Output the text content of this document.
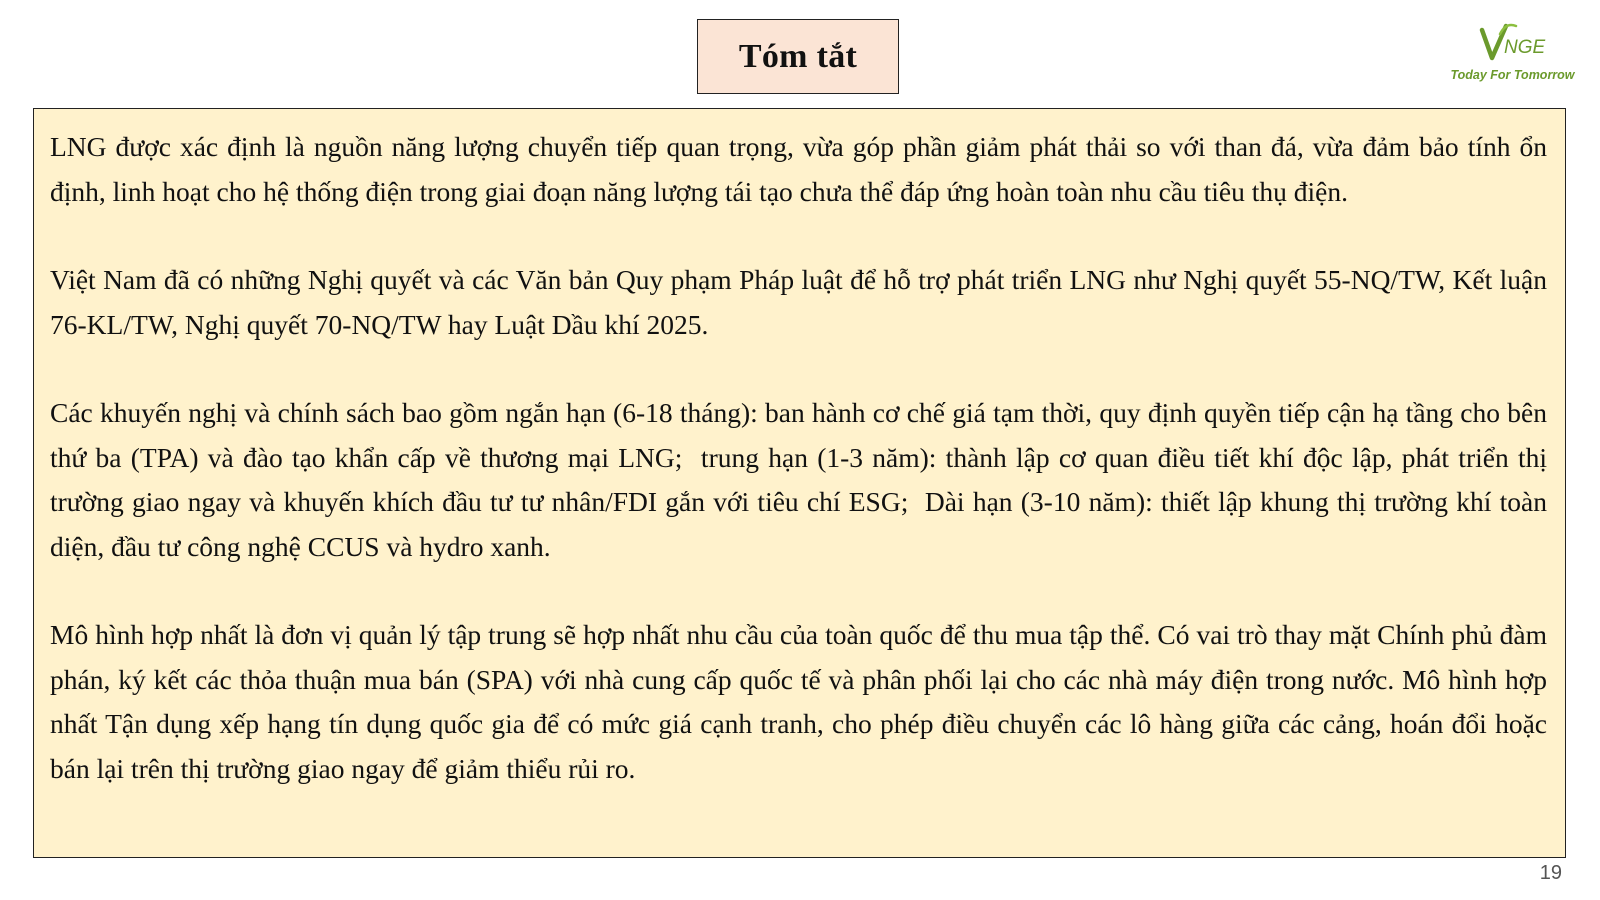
Tóm tắt	NGE
Today For Tomorrow

LNG được xác định là nguồn năng lượng chuyển tiếp quan trọng, vừa góp phần giảm phát thải so với than đá, vừa đảm bảo tính ổn định, linh hoạt cho hệ thống điện trong giai đoạn năng lượng tái tạo chưa thể đáp ứng hoàn toàn nhu cầu tiêu thụ điện.

Việt Nam đã có những Nghị quyết và các Văn bản Quy phạm Pháp luật để hỗ trợ phát triển LNG như Nghị quyết 55-NQ/TW, Kết luận 76-KL/TW, Nghị quyết 70-NQ/TW hay Luật Dầu khí 2025.

Các khuyến nghị và chính sách bao gồm ngắn hạn (6-18 tháng): ban hành cơ chế giá tạm thời, quy định quyền tiếp cận hạ tầng cho bên thứ ba (TPA) và đào tạo khẩn cấp về thương mại LNG;  trung hạn (1-3 năm): thành lập cơ quan điều tiết khí độc lập, phát triển thị trường giao ngay và khuyến khích đầu tư tư nhân/FDI gắn với tiêu chí ESG;  Dài hạn (3-10 năm): thiết lập khung thị trường khí toàn diện, đầu tư công nghệ CCUS và hydro xanh.

Mô hình hợp nhất là đơn vị quản lý tập trung sẽ hợp nhất nhu cầu của toàn quốc để thu mua tập thể. Có vai trò thay mặt Chính phủ đàm phán, ký kết các thỏa thuận mua bán (SPA) với nhà cung cấp quốc tế và phân phối lại cho các nhà máy điện trong nước. Mô hình hợp nhất Tận dụng xếp hạng tín dụng quốc gia để có mức giá cạnh tranh, cho phép điều chuyển các lô hàng giữa các cảng, hoán đổi hoặc bán lại trên thị trường giao ngay để giảm thiểu rủi ro.

19
